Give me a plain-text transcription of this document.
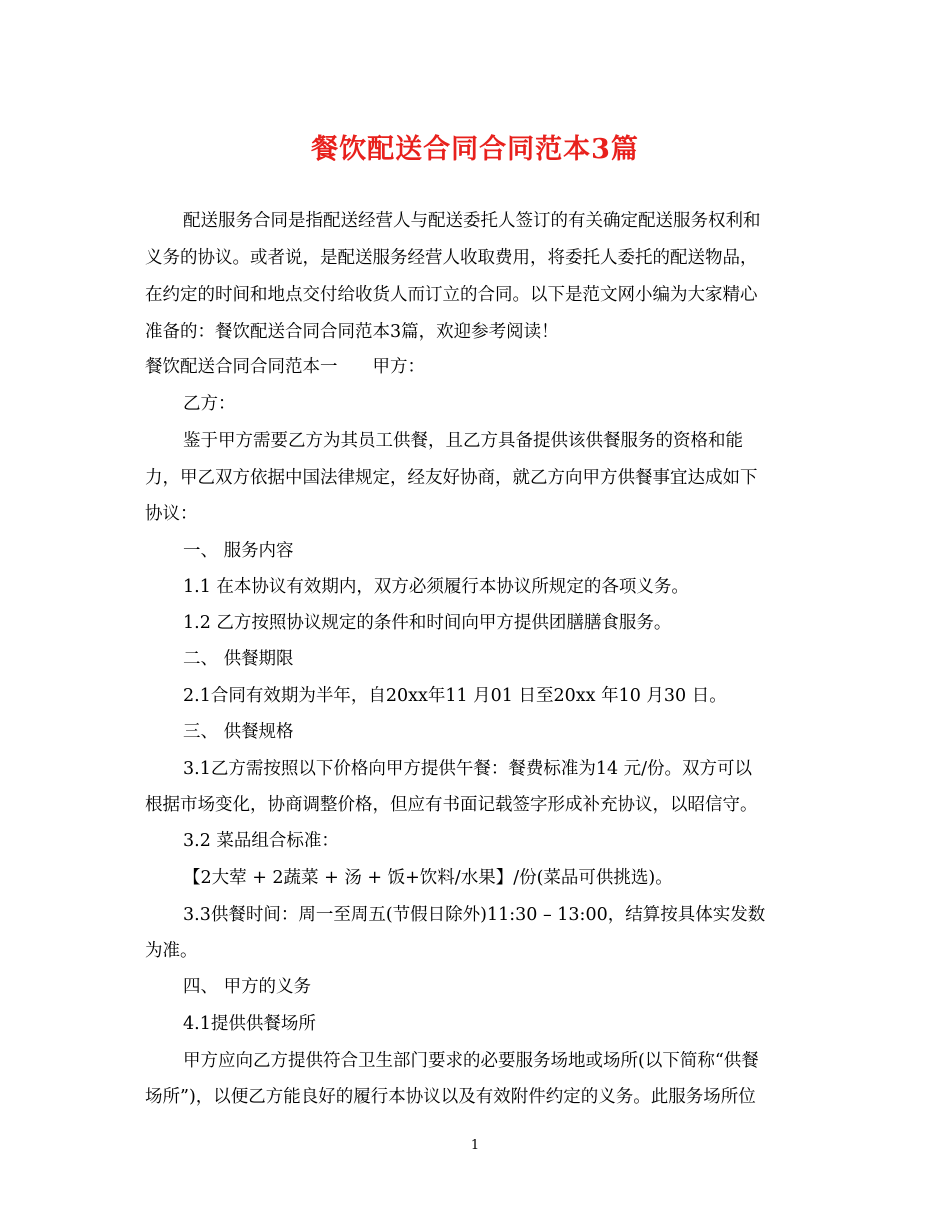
餐饮配送合同合同范本3篇
配送服务合同是指配送经营人与配送委托人签订的有关确定配送服务权利和
义务的协议。或者说，是配送服务经营人收取费用，将委托人委托的配送物品，
在约定的时间和地点交付给收货人而订立的合同。以下是范文网小编为大家精心
准备的：餐饮配送合同合同范本3篇，欢迎参考阅读！
餐饮配送合同合同范本一　　甲方：
乙方：
鉴于甲方需要乙方为其员工供餐，且乙方具备提供该供餐服务的资格和能
力，甲乙双方依据中国法律规定，经友好协商，就乙方向甲方供餐事宜达成如下
协议：
一、 服务内容
1.1 在本协议有效期内，双方必须履行本协议所规定的各项义务。
1.2 乙方按照协议规定的条件和时间向甲方提供团膳膳食服务。
二、 供餐期限
2.1合同有效期为半年，自20xx年11 月01 日至20xx 年10 月30 日。
三、 供餐规格
3.1乙方需按照以下价格向甲方提供午餐：餐费标准为14 元/份。双方可以
根据市场变化，协商调整价格，但应有书面记载签字形成补充协议，以昭信守。
3.2 菜品组合标准：
【2大荤 + 2蔬菜 + 汤 + 饭+饮料/水果】/份(菜品可供挑选)。
3.3供餐时间：周一至周五(节假日除外)11:30 – 13:00，结算按具体实发数
为准。
四、 甲方的义务
4.1提供供餐场所
甲方应向乙方提供符合卫生部门要求的必要服务场地或场所(以下简称“供餐
场所”)，以便乙方能良好的履行本协议以及有效附件约定的义务。此服务场所位
1
